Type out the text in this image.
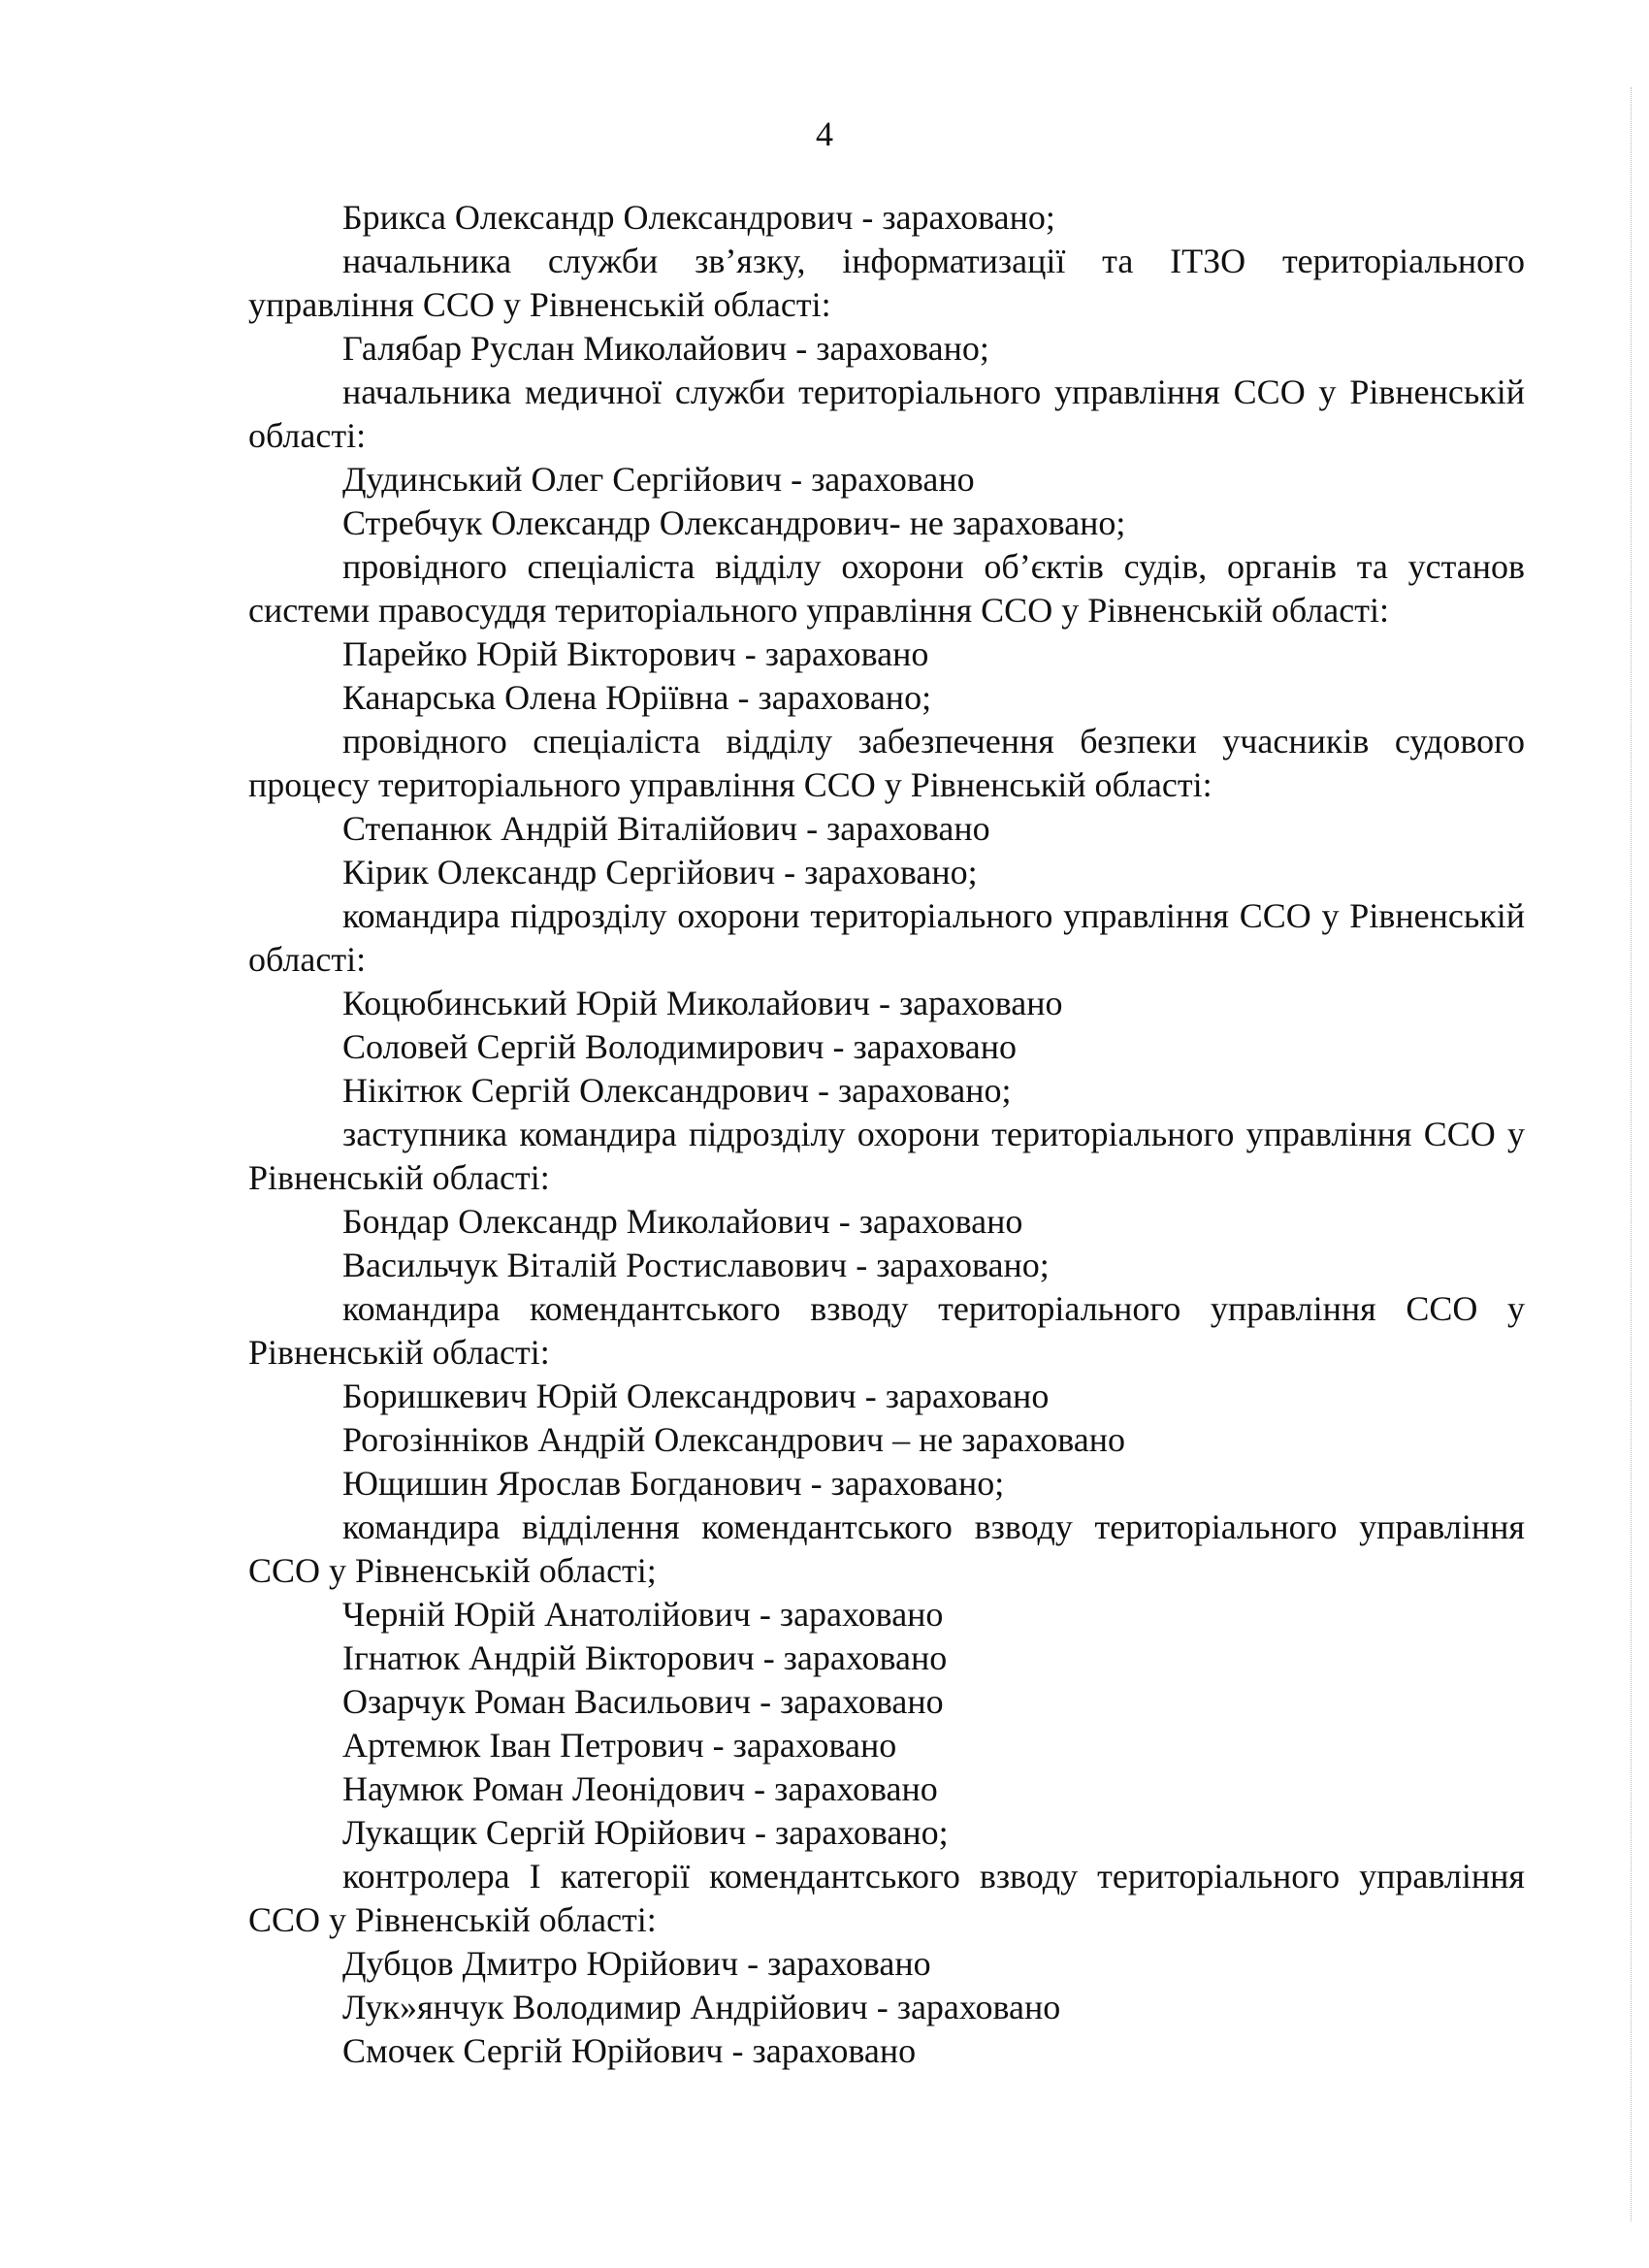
4
Брикса Олександр Олександрович - зараховано;
начальника служби зв’язку, інформатизації та ІТЗО територіального управління ССО у Рівненській області:
Галябар Руслан Миколайович - зараховано;
начальника медичної служби територіального управління ССО у Рівненській області:
Дудинський Олег Сергійович - зараховано
Стребчук Олександр Олександрович- не зараховано;
провідного спеціаліста відділу охорони об’єктів судів, органів та установ системи правосуддя територіального управління ССО у Рівненській області:
Парейко Юрій Вікторович - зараховано
Канарська Олена Юріївна - зараховано;
провідного спеціаліста відділу забезпечення безпеки учасників судового процесу територіального управління ССО у Рівненській області:
Степанюк Андрій Віталійович - зараховано
Кірик Олександр Сергійович - зараховано;
командира підрозділу охорони територіального управління ССО у Рівненській області:
Коцюбинський Юрій Миколайович - зараховано
Соловей Сергій Володимирович - зараховано
Нікітюк Сергій Олександрович - зараховано;
заступника командира підрозділу охорони територіального управління ССО у Рівненській області:
Бондар Олександр Миколайович - зараховано
Васильчук Віталій Ростиславович - зараховано;
командира комендантського взводу територіального управління ССО у Рівненській області:
Боришкевич Юрій Олександрович - зараховано
Рогозінніков Андрій Олександрович – не зараховано
Ющишин Ярослав Богданович - зараховано;
командира відділення комендантського взводу територіального управління ССО у Рівненській області;
Черній Юрій Анатолійович - зараховано
Ігнатюк Андрій Вікторович - зараховано
Озарчук Роман Васильович - зараховано
Артемюк Іван Петрович - зараховано
Наумюк Роман Леонідович - зараховано
Лукащик Сергій Юрійович - зараховано;
контролера І категорії комендантського взводу територіального управління ССО у Рівненській області:
Дубцов Дмитро Юрійович - зараховано
Лук»янчук Володимир Андрійович - зараховано
Смочек Сергій Юрійович - зараховано
